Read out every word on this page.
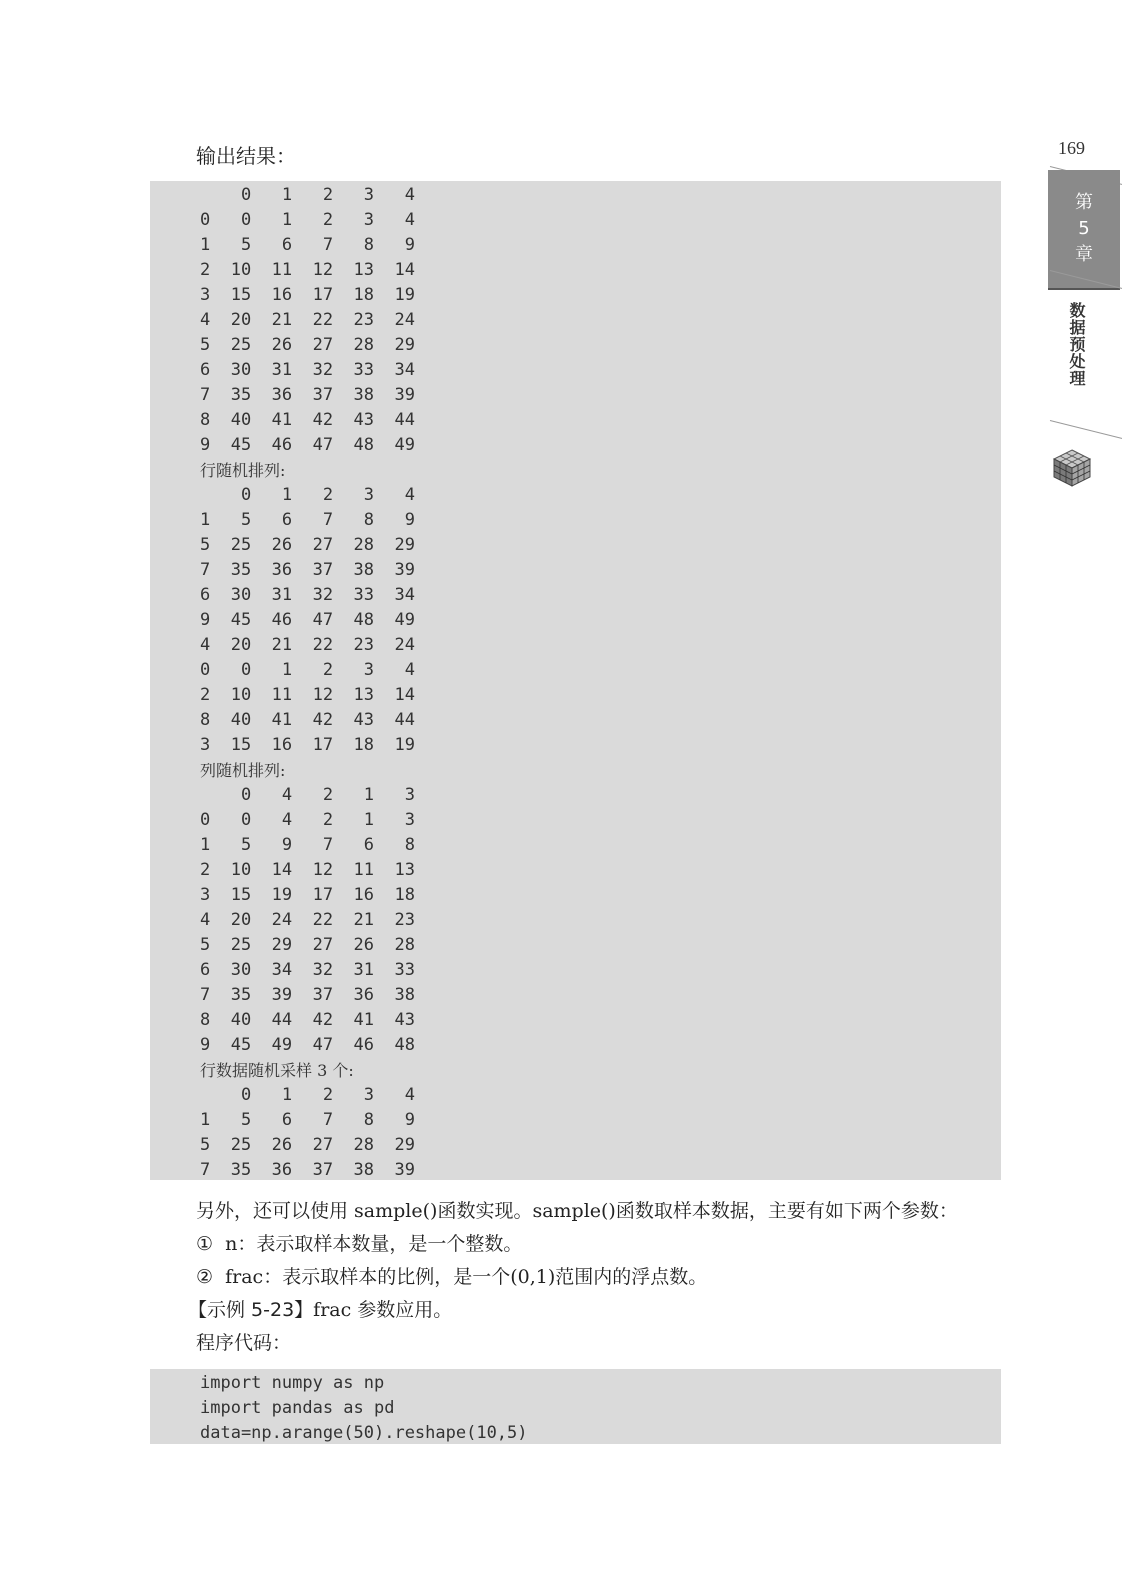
169
第
5
章
数据预处理
输出结果：
0   1   2   3   4
0   0   1   2   3   4
1   5   6   7   8   9
2  10  11  12  13  14
3  15  16  17  18  19
4  20  21  22  23  24
5  25  26  27  28  29
6  30  31  32  33  34
7  35  36  37  38  39
8  40  41  42  43  44
9  45  46  47  48  49
行随机排列:
0   1   2   3   4
1   5   6   7   8   9
5  25  26  27  28  29
7  35  36  37  38  39
6  30  31  32  33  34
9  45  46  47  48  49
4  20  21  22  23  24
0   0   1   2   3   4
2  10  11  12  13  14
8  40  41  42  43  44
3  15  16  17  18  19
列随机排列:
0   4   2   1   3
0   0   4   2   1   3
1   5   9   7   6   8
2  10  14  12  11  13
3  15  19  17  16  18
4  20  24  22  21  23
5  25  29  27  26  28
6  30  34  32  31  33
7  35  39  37  36  38
8  40  44  42  41  43
9  45  49  47  46  48
行数据随机采样 3 个:
0   1   2   3   4
1   5   6   7   8   9
5  25  26  27  28  29
7  35  36  37  38  39
另外，还可以使用 sample()函数实现。sample()函数取样本数据，主要有如下两个参数：
①  n：表示取样本数量，是一个整数。
②  frac：表示取样本的比例，是一个(0,1)范围内的浮点数。
【示例 5-23】frac 参数应用。
程序代码：
import numpy as np
import pandas as pd
data=np.arange(50).reshape(10,5)
